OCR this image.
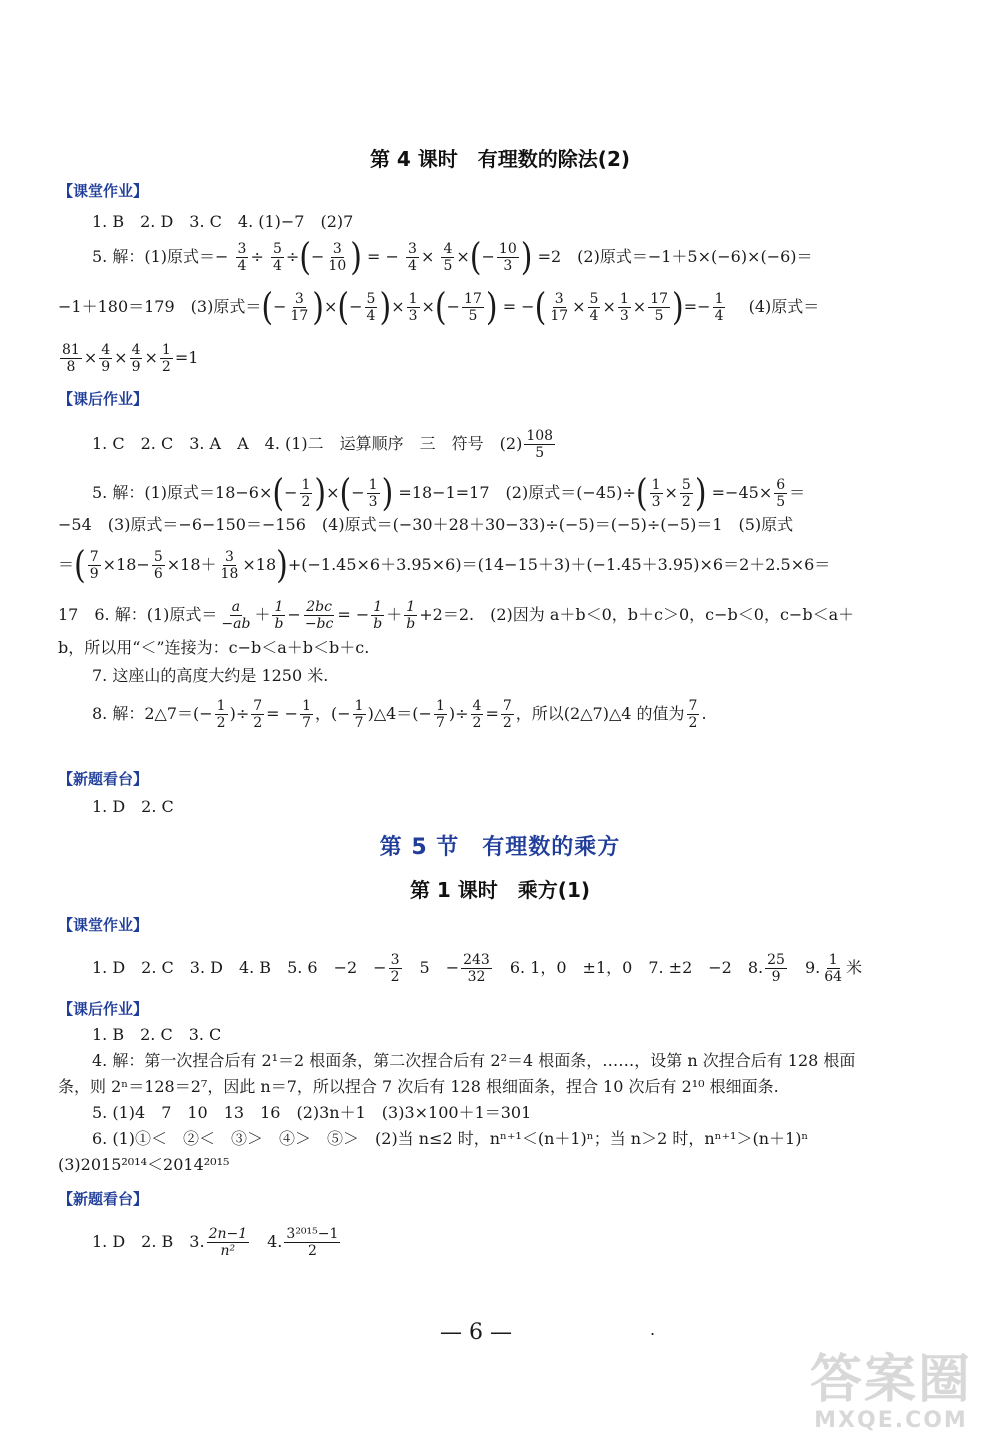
第 4 课时　有理数的除法(2)
【课堂作业】
1. B　2. D　3. C　4. (1)−7　(2)7
5. 解：(1)原式＝− $\frac{3}{4} \div \frac{5}{4}$ ÷(− $\frac{3}{10}$ ) = − $\frac{3}{4} \times \frac{4}{5}$ ×(− $\frac{10}{3}$ ) =2　(2)原式＝−1＋5×(−6)×(−6)＝
−1＋180＝179　(3)原式＝(− $\frac{3}{17}$ )×(− $\frac{5}{4}$ )× $\frac{1}{3}$ ×(− $\frac{17}{5}$ ) = −( $\frac{3}{17} \times \frac{5}{4} \times \frac{1}{3} \times \frac{17}{5}$ )=− $\frac{1}{4}$ 　(4)原式＝
$\frac{81}{8} \times \frac{4}{9} \times \frac{4}{9} \times \frac{1}{2} =1$
【课后作业】
1. C　2. C　3. A　A　4. (1)二　运算顺序　三　符号　$(2) \frac{108}{5}$
5. 解：(1)原式$=18-6\times(- \frac{1}{2}$ )×(− $\frac{1}{3}$ ) =18−1=17　(2)原式$=(-45)\div( \frac{1}{3} \times \frac{5}{2}$ ) $=-45\times \frac{6}{5}$ ＝
−54　(3)原式＝−6−150＝−156　(4)原式＝(−30＋28＋30−33)÷(−5)＝(−5)÷(−5)＝1　(5)原式
＝( $\frac{7}{9} \times 18- \frac{5}{6} \times 18+ \frac{3}{18} \times 18)+(-1.45\times 6+3.95\times 6)=(14-15+3)+(-1.45+3.95)\times 6=2+2.5\times 6=$
17　6. 解：(1)原式＝ $\frac{a}{-ab} + \frac{1}{b} - \frac{2bc}{-bc}$ = − $\frac{1}{b} + \frac{1}{b} +2=2$.　(2)因为 a＋b＜0，b＋c＞0，c−b＜0，c−b＜a＋
b，所以用“＜”连接为：c−b＜a＋b＜b＋c.
7. 这座山的高度大约是 1250 米.
8. 解：2△7＝(− $\frac{1}{2}$ )÷ $\frac{7}{2}$ = − $\frac{1}{7}$ ，(− $\frac{1}{7}$ )△4＝(− $\frac{1}{7}$ )÷ $\frac{4}{2} = \frac{7}{2}$ ，所以(2△7)△4 的值为 $\frac{7}{2}$ .
【新题看台】
1. D　2. C
第 5 节　有理数的乘方
第 1 课时　乘方(1)
【课堂作业】
1. D　2. C　3. D　4. B　5. 6　−2　− $\frac{3}{2}$ 　5　− $\frac{243}{32}$ 　6. 1，0　±1，0　7. ±2　−2　8. $\frac{25}{9}$ 　9. $\frac{1}{64}$ 米
【课后作业】
1. B　2. C　3. C
4. 解：第一次捏合后有 2¹＝2 根面条，第二次捏合后有 2²＝4 根面条，……，设第 n 次捏合后有 128 根面
条，则 2ⁿ＝128＝2⁷，因此 n＝7，所以捏合 7 次后有 128 根细面条，捏合 10 次后有 2¹⁰ 根细面条.
5. (1)4　7　10　13　16　(2)3n＋1　(3)3×100＋1＝301
6. (1)①＜　②＜　③＞　④＞　⑤＞　(2)当 n≤2 时，nⁿ⁺¹＜(n＋1)ⁿ；当 n＞2 时，nⁿ⁺¹＞(n＋1)ⁿ
(3)2015²⁰¹⁴＜2014²⁰¹⁵
【新题看台】
1. D　2. B　3. $\frac{2n-1}{\text{n²}}$ 　4. $\frac{\text{3²⁰¹⁵−1}}{2}$
— 6 —	.
答案圈
MXQE.COM
